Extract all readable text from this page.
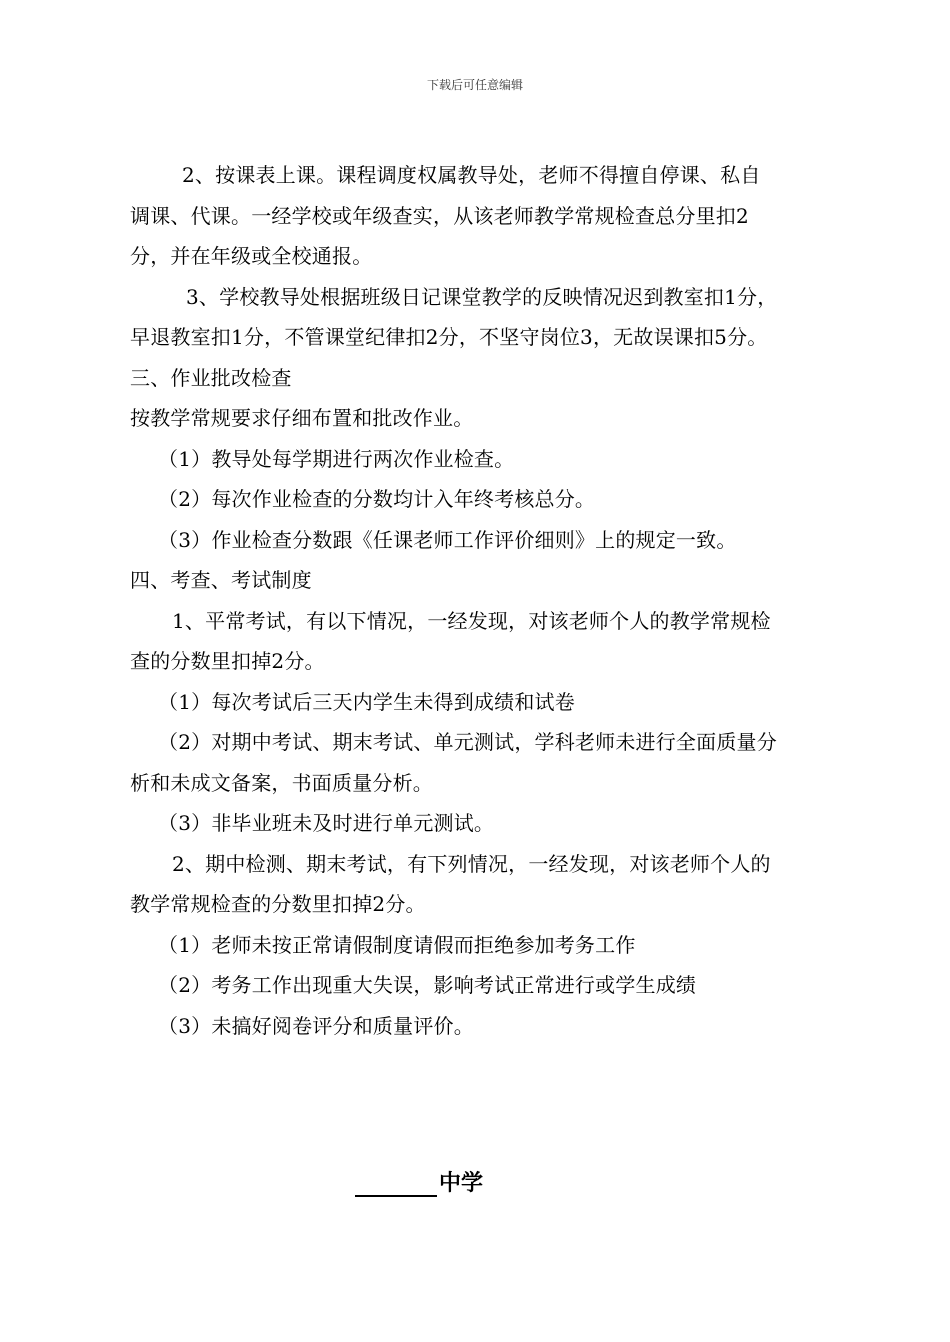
下载后可任意编辑
2、按课表上课。课程调度权属教导处，老师不得擅自停课、私自
调课、代课。一经学校或年级查实，从该老师教学常规检查总分里扣2
分，并在年级或全校通报。
3、学校教导处根据班级日记课堂教学的反映情况迟到教室扣1分，
早退教室扣1分，不管课堂纪律扣2分，不坚守岗位3，无故误课扣5分。
三、作业批改检查
按教学常规要求仔细布置和批改作业。
（1）教导处每学期进行两次作业检查。
（2）每次作业检查的分数均计入年终考核总分。
（3）作业检查分数跟《任课老师工作评价细则》上的规定一致。
四、考查、考试制度
1、平常考试，有以下情况，一经发现，对该老师个人的教学常规检
查的分数里扣掉2分。
（1）每次考试后三天内学生未得到成绩和试卷
（2）对期中考试、期末考试、单元测试，学科老师未进行全面质量分
析和未成文备案，书面质量分析。
（3）非毕业班未及时进行单元测试。
2、期中检测、期末考试，有下列情况，一经发现，对该老师个人的
教学常规检查的分数里扣掉2分。
（1）老师未按正常请假制度请假而拒绝参加考务工作
（2）考务工作出现重大失误，影响考试正常进行或学生成绩
（3）未搞好阅卷评分和质量评价。
中学
